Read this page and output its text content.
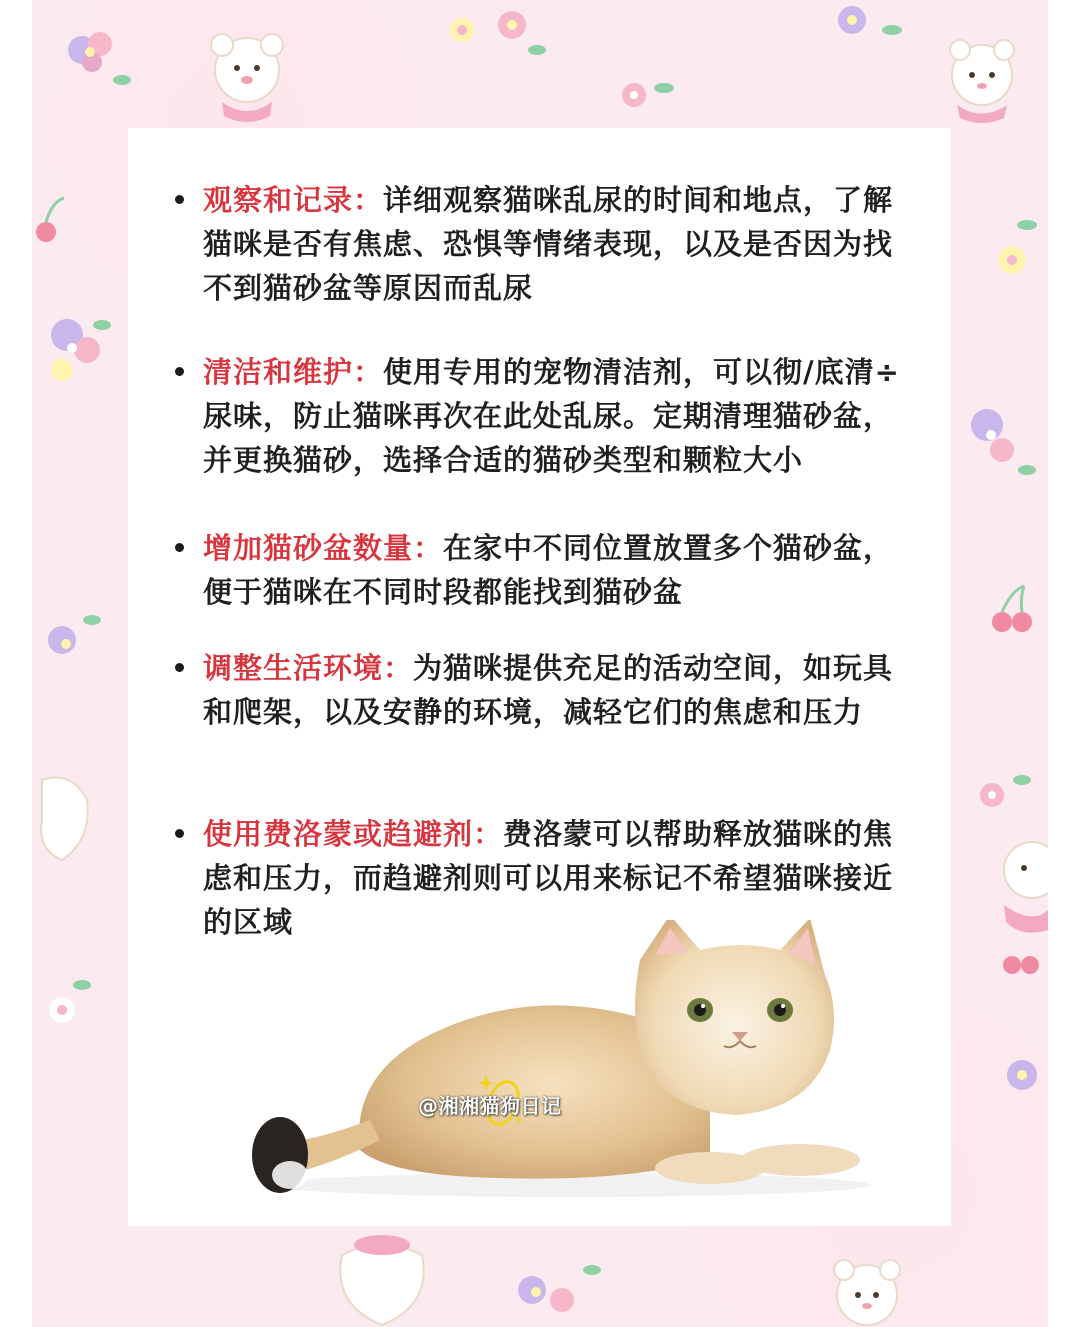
观察和记录：详细观察猫咪乱尿的时间和地点，了解猫咪是否有焦虑、恐惧等情绪表现，以及是否因为找不到猫砂盆等原因而乱尿

清洁和维护：使用专用的宠物清洁剂，可以彻/底清÷尿味，防止猫咪再次在此处乱尿。定期清理猫砂盆，并更换猫砂，选择合适的猫砂类型和颗粒大小

增加猫砂盆数量：在家中不同位置放置多个猫砂盆，便于猫咪在不同时段都能找到猫砂盆

调整生活环境：为猫咪提供充足的活动空间，如玩具和爬架，以及安静的环境，减轻它们的焦虑和压力

使用费洛蒙或趋避剂：费洛蒙可以帮助释放猫咪的焦虑和压力，而趋避剂则可以用来标记不希望猫咪接近的区域

@湘湘猫狗日记
